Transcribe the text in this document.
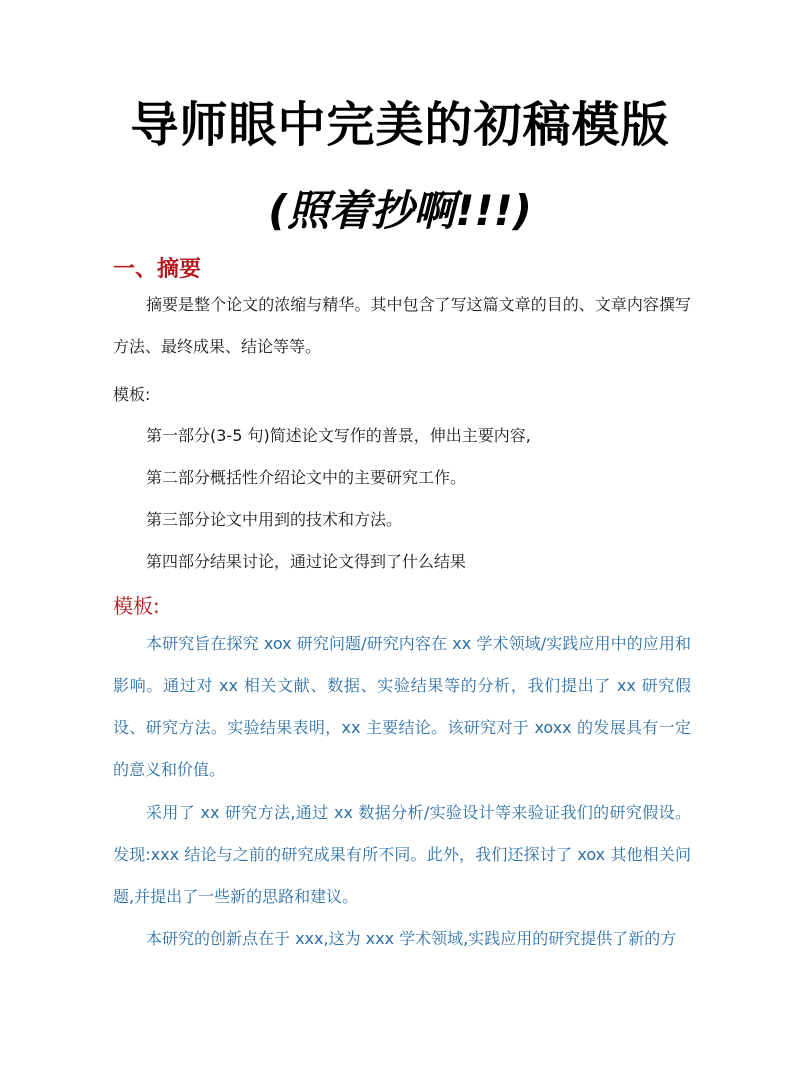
导师眼中完美的初稿模版
(照着抄啊!!!)
一、摘要

摘要是整个论文的浓缩与精华。其中包含了写这篇文章的目的、文章内容撰写方法、最终成果、结论等等。

模板:

第一部分(3-5 句)简述论文写作的普景，伸出主要内容,

第二部分概括性介绍论文中的主要研究工作。

第三部分论文中用到的技术和方法。

第四部分结果讨论，通过论文得到了什么结果

模板:

本研究旨在探究 xox 研究问题/研究内容在 xx 学术领域/实践应用中的应用和影响。通过对 xx 相关文献、数据、实验结果等的分析，我们提出了 xx 研究假设、研究方法。实验结果表明，xx 主要结论。该研究对于 xoxx 的发展具有一定的意义和价值。

采用了 xx 研究方法,通过 xx 数据分析/实验设计等来验证我们的研究假设。发现:xxx 结论与之前的研究成果有所不同。此外，我们还探讨了 xox 其他相关问题,并提出了一些新的思路和建议。

本研究的创新点在于 xxx,这为 xxx 学术领域,实践应用的研究提供了新的方
